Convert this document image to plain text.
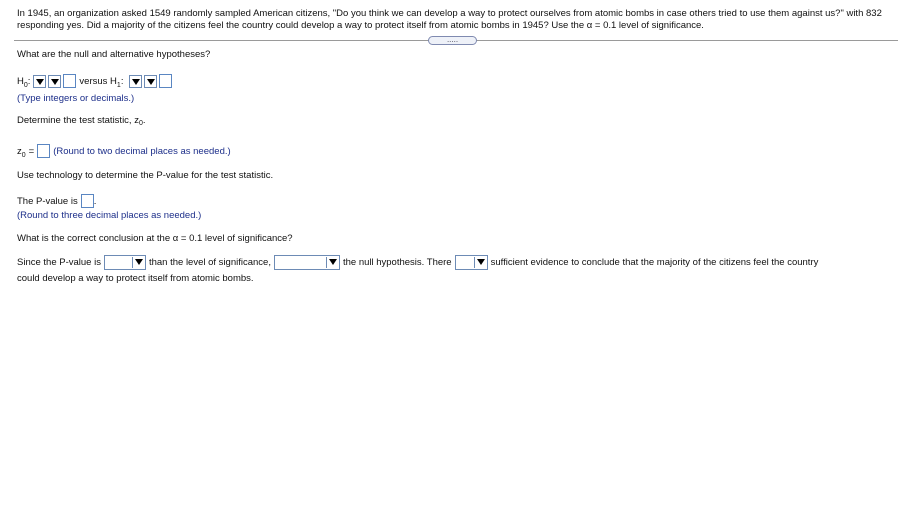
In 1945, an organization asked 1549 randomly sampled American citizens, "Do you think we can develop a way to protect ourselves from atomic bombs in case others tried to use them against us?" with 832 responding yes. Did a majority of the citizens feel the country could develop a way to protect itself from atomic bombs in 1945? Use the α = 0.1 level of significance.
.....
What are the null and alternative hypotheses?
$H_0$:	versus $H_1$:
(Type integers or decimals.)
Determine the test statistic, z 0 .
$z_0$ = (Round to two decimal places as needed.)
Use technology to determine the P-value for the test statistic.
The P-value is .
(Round to three decimal places as needed.)
What is the correct conclusion at the α = 0.1 level of significance?
Since the P-value is	than the level of significance,	the null hypothesis. There	sufficient evidence to conclude that the majority of the citizens feel the country
could develop a way to protect itself from atomic bombs.
